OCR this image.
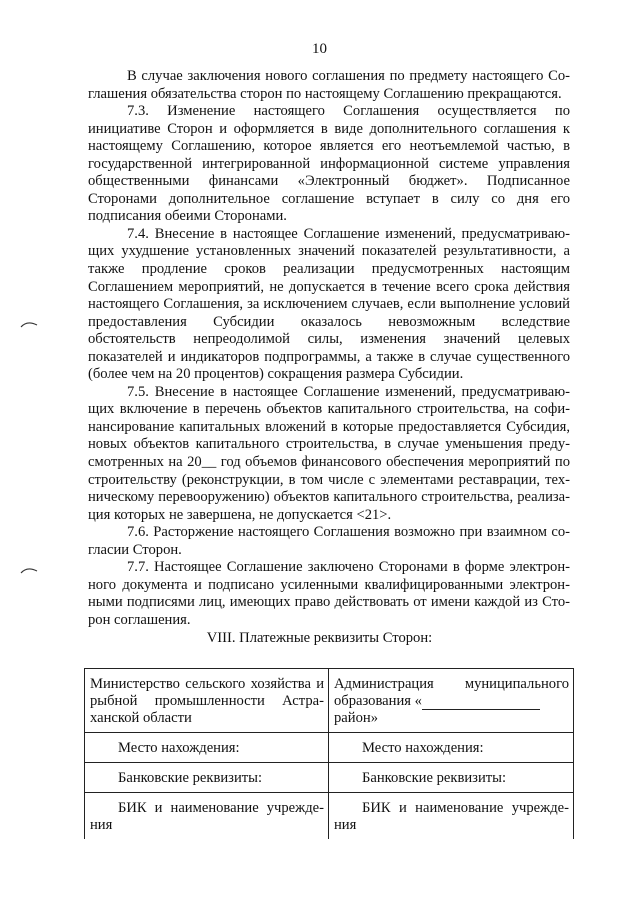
10

В случае заключения нового соглашения по предмету настоящего Соглашения обязательства сторон по настоящему Соглашению прекращаются.

7.3. Изменение настоящего Соглашения осуществляется по инициативе Сторон и оформляется в виде дополнительного соглашения к настоящему Соглашению, которое является его неотъемлемой частью, в государственной интегрированной информационной системе управления общественными финансами «Электронный бюджет». Подписанное Сторонами дополнительное соглашение вступает в силу со дня его подписания обеими Сторонами.

7.4. Внесение в настоящее Соглашение изменений, предусматривающих ухудшение установленных значений показателей результативности, а также продление сроков реализации предусмотренных настоящим Соглашением мероприятий, не допускается в течение всего срока действия настоящего Соглашения, за исключением случаев, если выполнение условий предоставления Субсидии оказалось невозможным вследствие обстоятельств непреодолимой силы, изменения значений целевых показателей и индикаторов подпрограммы, а также в случае существенного (более чем на 20 процентов) сокращения размера Субсидии.

7.5. Внесение в настоящее Соглашение изменений, предусматривающих включение в перечень объектов капитального строительства, на софинансирование капитальных вложений в которые предоставляется Субсидия, новых объектов капитального строительства, в случае уменьшения предусмотренных на 20__ год объемов финансового обеспечения мероприятий по строительству (реконструкции, в том числе с элементами реставрации, техническому перевооружению) объектов капитального строительства, реализация которых не завершена, не допускается <21>.

7.6. Расторжение настоящего Соглашения возможно при взаимном согласии Сторон.

7.7. Настоящее Соглашение заключено Сторонами в форме электронного документа и подписано усиленными квалифицированными электронными подписями лиц, имеющих право действовать от имени каждой из Сторон соглашения.

VIII. Платежные реквизиты Сторон:
Министерство сельского хозяйства и рыбной промышленности Астраханской области	Администрация муниципального
образования «
район»

Место нахождения:	Место нахождения:

Банковские реквизиты:	Банковские реквизиты:

БИК и наименование учреждения	БИК и наименование учреждения
